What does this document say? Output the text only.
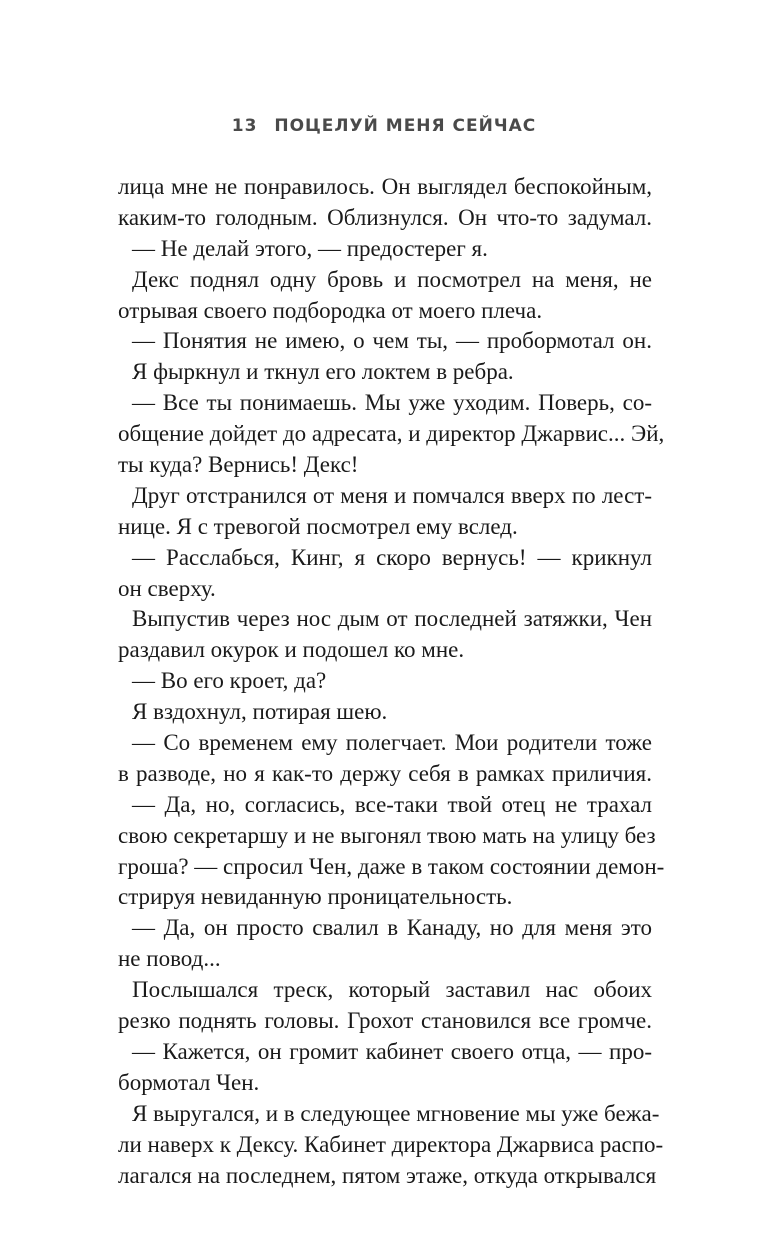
13 ПОЦЕЛУЙ МЕНЯ СЕЙЧАС
лица мне не понравилось. Он выглядел беспокойным,
каким-то голодным. Облизнулся. Он что-то задумал.
— Не делай этого, — предостерег я.
Декс поднял одну бровь и посмотрел на меня, не
отрывая своего подбородка от моего плеча.
— Понятия не имею, о чем ты, — пробормотал он.
Я фыркнул и ткнул его локтем в ребра.
— Все ты понимаешь. Мы уже уходим. Поверь, со-
общение дойдет до адресата, и директор Джарвис... Эй,
ты куда? Вернись! Декс!
Друг отстранился от меня и помчался вверх по лест-
нице. Я с тревогой посмотрел ему вслед.
— Расслабься, Кинг, я скоро вернусь! — крикнул
он сверху.
Выпустив через нос дым от последней затяжки, Чен
раздавил окурок и подошел ко мне.
— Во его кроет, да?
Я вздохнул, потирая шею.
— Со временем ему полегчает. Мои родители тоже
в разводе, но я как-то держу себя в рамках приличия.
— Да, но, согласись, все-таки твой отец не трахал
свою секретаршу и не выгонял твою мать на улицу без
гроша? — спросил Чен, даже в таком состоянии демон-
стрируя невиданную проницательность.
— Да, он просто свалил в Канаду, но для меня это
не повод...
Послышался треск, который заставил нас обоих
резко поднять головы. Грохот становился все громче.
— Кажется, он громит кабинет своего отца, — про-
бормотал Чен.
Я выругался, и в следующее мгновение мы уже бежа-
ли наверх к Дексу. Кабинет директора Джарвиса распо-
лагался на последнем, пятом этаже, откуда открывался
